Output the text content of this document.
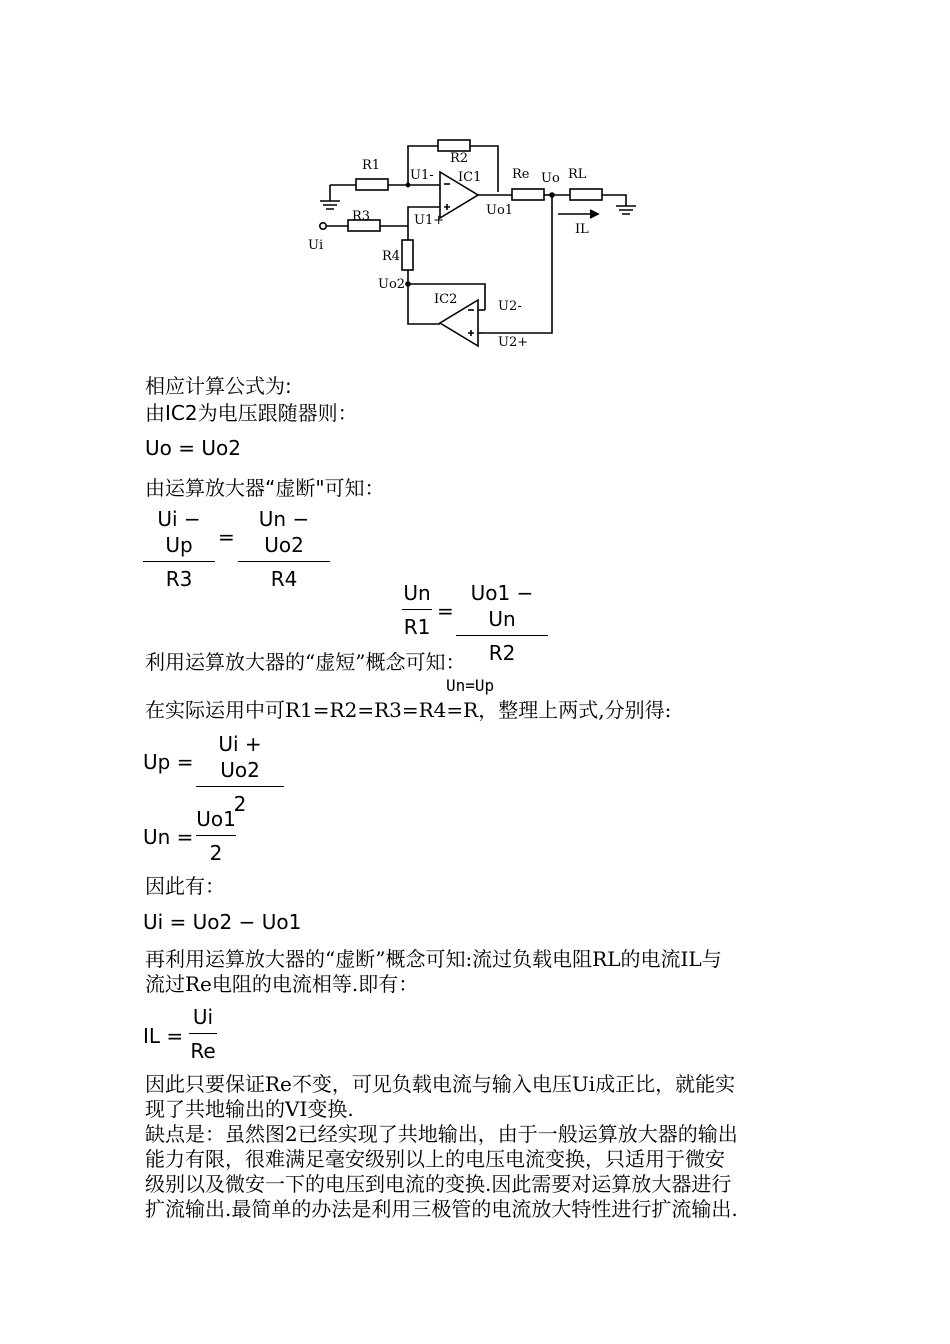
R1	R2
R3
R4
Re	RL
U1-
U1+
IC1
Uo1
Uo
Ui
IL
Uo2
IC2	U2-
U2+
相应计算公式为:
由IC2为电压跟随器则：
Uo = Uo2
由运算放大器“虚断"可知：
Ui − Up
R3
=
Un − Uo2
R4
Un
R1
=
Uo1 − Un
R2
利用运算放大器的“虚短”概念可知：
Un=Up
在实际运用中可R1=R2=R3=R4=R，整理上两式,分别得:
Up =
Ui + Uo2
2
Un =
Uo1
2
因此有：
Ui = Uo2 − Uo1
再利用运算放大器的“虚断”概念可知:流过负载电阻RL的电流IL与
流过Re电阻的电流相等.即有：
IL =
Ui
Re
因此只要保证Re不变，可见负载电流与输入电压Ui成正比，就能实
现了共地输出的VI变换.
缺点是：虽然图2已经实现了共地输出，由于一般运算放大器的输出
能力有限，很难满足毫安级别以上的电压电流变换，只适用于微安
级别以及微安一下的电压到电流的变换.因此需要对运算放大器进行
扩流输出.最简单的办法是利用三极管的电流放大特性进行扩流输出.
